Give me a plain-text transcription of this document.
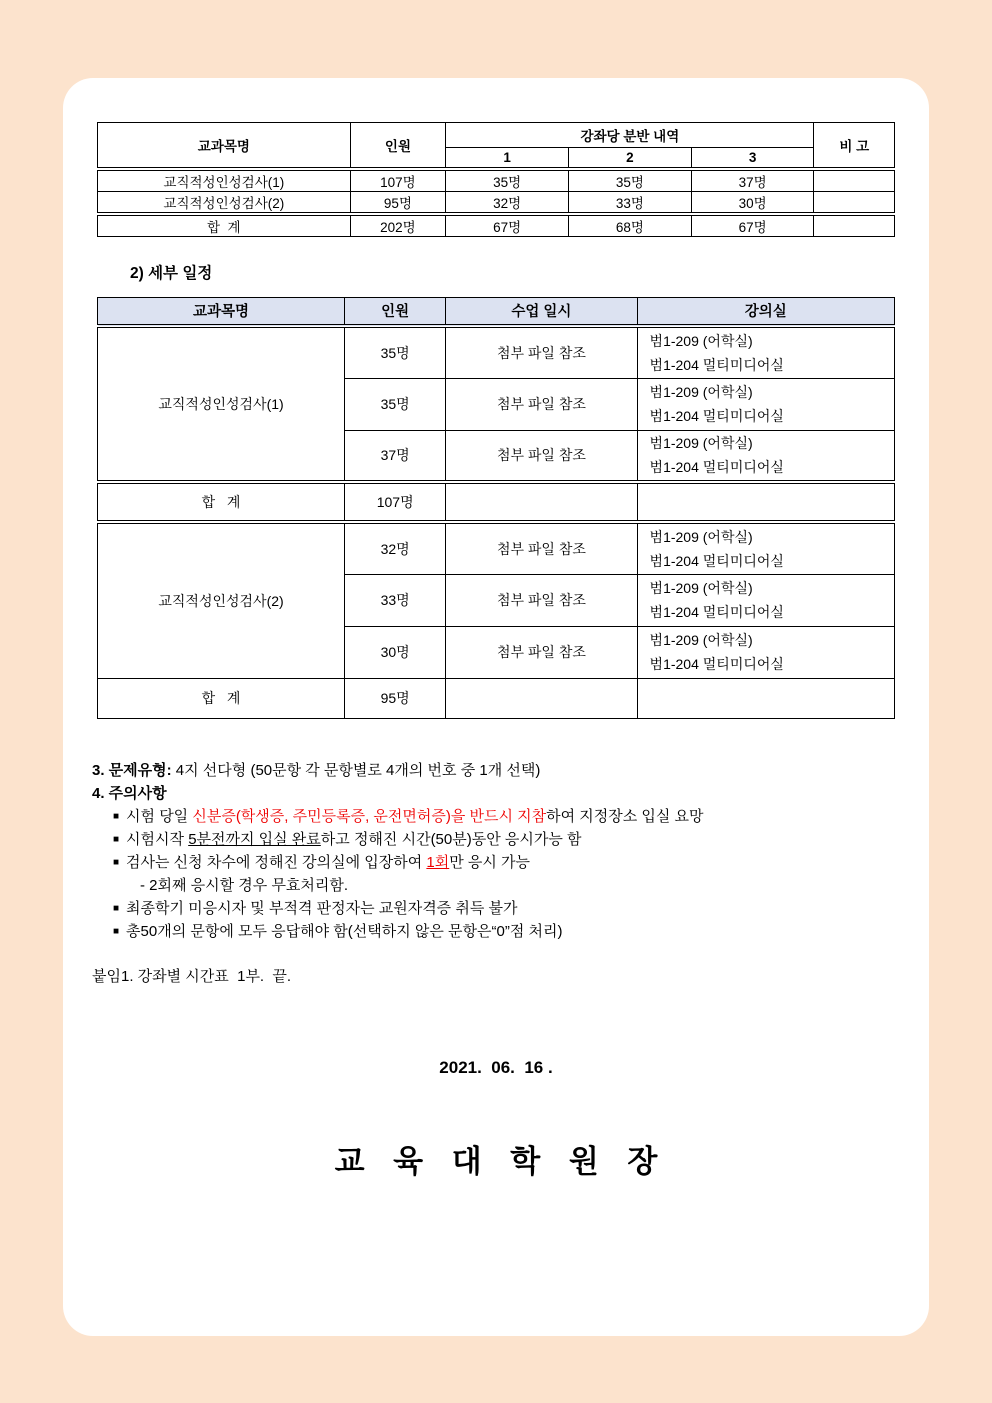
교과목명	인원	강좌당 분반 내역			비 고
		1	2	3	
교직적성인성검사(1)	107명	35명	35명	37명	
교직적성인성검사(2)	95명	32명	33명	30명	
합  계	202명	67명	68명	67명	
2) 세부 일정
교과목명	인원	수업 일시	강의실
교직적성인성검사(1)	35명	첨부 파일 참조	범1-209 (어학실)
범1-204 멀티미디어실

	35명	첨부 파일 참조	범1-209 (어학실)
범1-204 멀티미디어실

	37명	첨부 파일 참조	범1-209 (어학실)
범1-204 멀티미디어실

합   계	107명		
교직적성인성검사(2)	32명	첨부 파일 참조	범1-209 (어학실)
범1-204 멀티미디어실

	33명	첨부 파일 참조	범1-209 (어학실)
범1-204 멀티미디어실

	30명	첨부 파일 참조	범1-209 (어학실)
범1-204 멀티미디어실

합   계	95명		
3. 문제유형: 4지 선다형 (50문항 각 문항별로 4개의 번호 중 1개 선택)
4. 주의사항
■ 시험 당일 신분증(학생증, 주민등록증, 운전면허증)을 반드시 지참하여 지정장소 입실 요망
■ 시험시작 5분전까지 입실 완료하고 정해진 시간(50분)동안 응시가능 함
■ 검사는 신청 차수에 정해진 강의실에 입장하여 1회만 응시 가능
- 2회째 응시할 경우 무효처리함.
■ 최종학기 미응시자 및 부적격 판정자는 교원자격증 취득 불가
■ 총50개의 문항에 모두 응답해야 함(선택하지 않은 문항은“0”점 처리)
붙임1. 강좌별 시간표  1부.  끝.
2021.  06.  16 .
교 육 대 학 원 장
